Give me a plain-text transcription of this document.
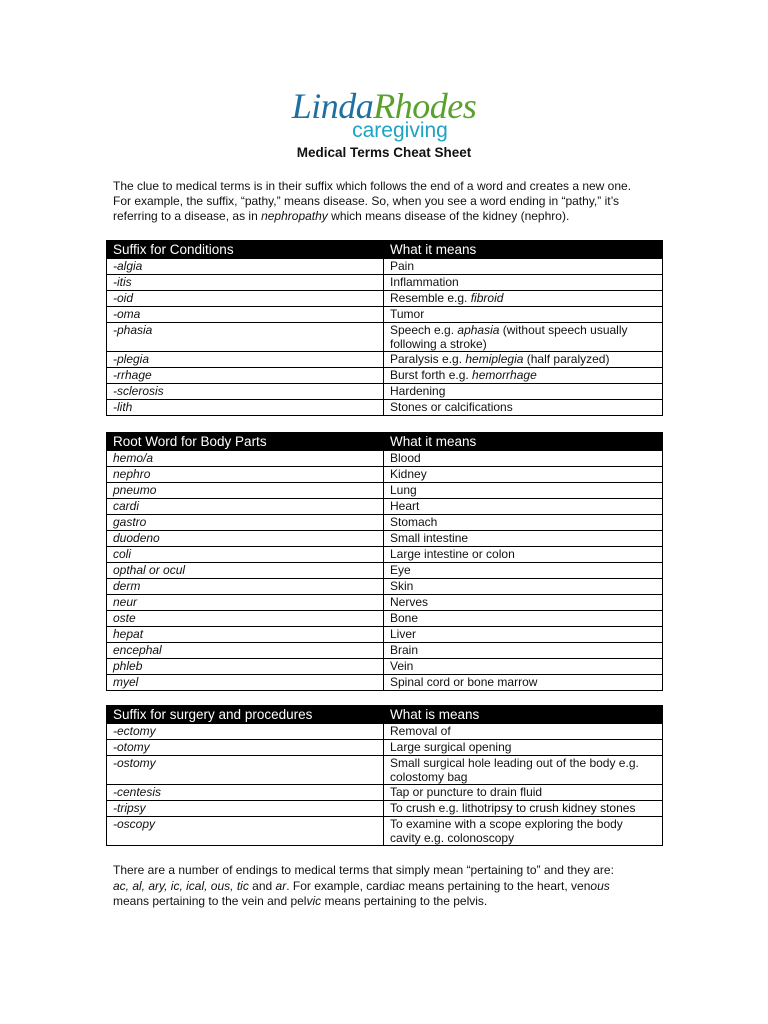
LindaRhodes
caregiving
Medical Terms Cheat Sheet

The clue to medical terms is in their suffix which follows the end of a word and creates a new one.

For example, the suffix, “pathy,” means disease. So, when you see a word ending in “pathy,” it’s

referring to a disease, as in nephropathy which means disease of the kidney (nephro).

Suffix for Conditions	What it means
-algia	Pain
-itis	Inflammation
-oid	Resemble e.g. fibroid
-oma	Tumor
-phasia	Speech e.g. aphasia (without speech usually following a stroke)
-plegia	Paralysis e.g. hemiplegia (half paralyzed)
-rrhage	Burst forth e.g. hemorrhage
-sclerosis	Hardening
-lith	Stones or calcifications
Root Word for Body Parts	What it means
hemo/a	Blood
nephro	Kidney
pneumo	Lung
cardi	Heart
gastro	Stomach
duodeno	Small intestine
coli	Large intestine or colon
opthal or ocul	Eye
derm	Skin
neur	Nerves
oste	Bone
hepat	Liver
encephal	Brain
phleb	Vein
myel	Spinal cord or bone marrow
Suffix for surgery and procedures	What is means
-ectomy	Removal of
-otomy	Large surgical opening
-ostomy	Small surgical hole leading out of the body e.g. colostomy bag
-centesis	Tap or puncture to drain fluid
-tripsy	To crush e.g. lithotripsy to crush kidney stones
-oscopy	To examine with a scope exploring the body cavity e.g. colonoscopy

There are a number of endings to medical terms that simply mean “pertaining to” and they are:

ac, al, ary, ic, ical, ous, tic and ar. For example, cardiac means pertaining to the heart, venous

means pertaining to the vein and pelvic means pertaining to the pelvis.
